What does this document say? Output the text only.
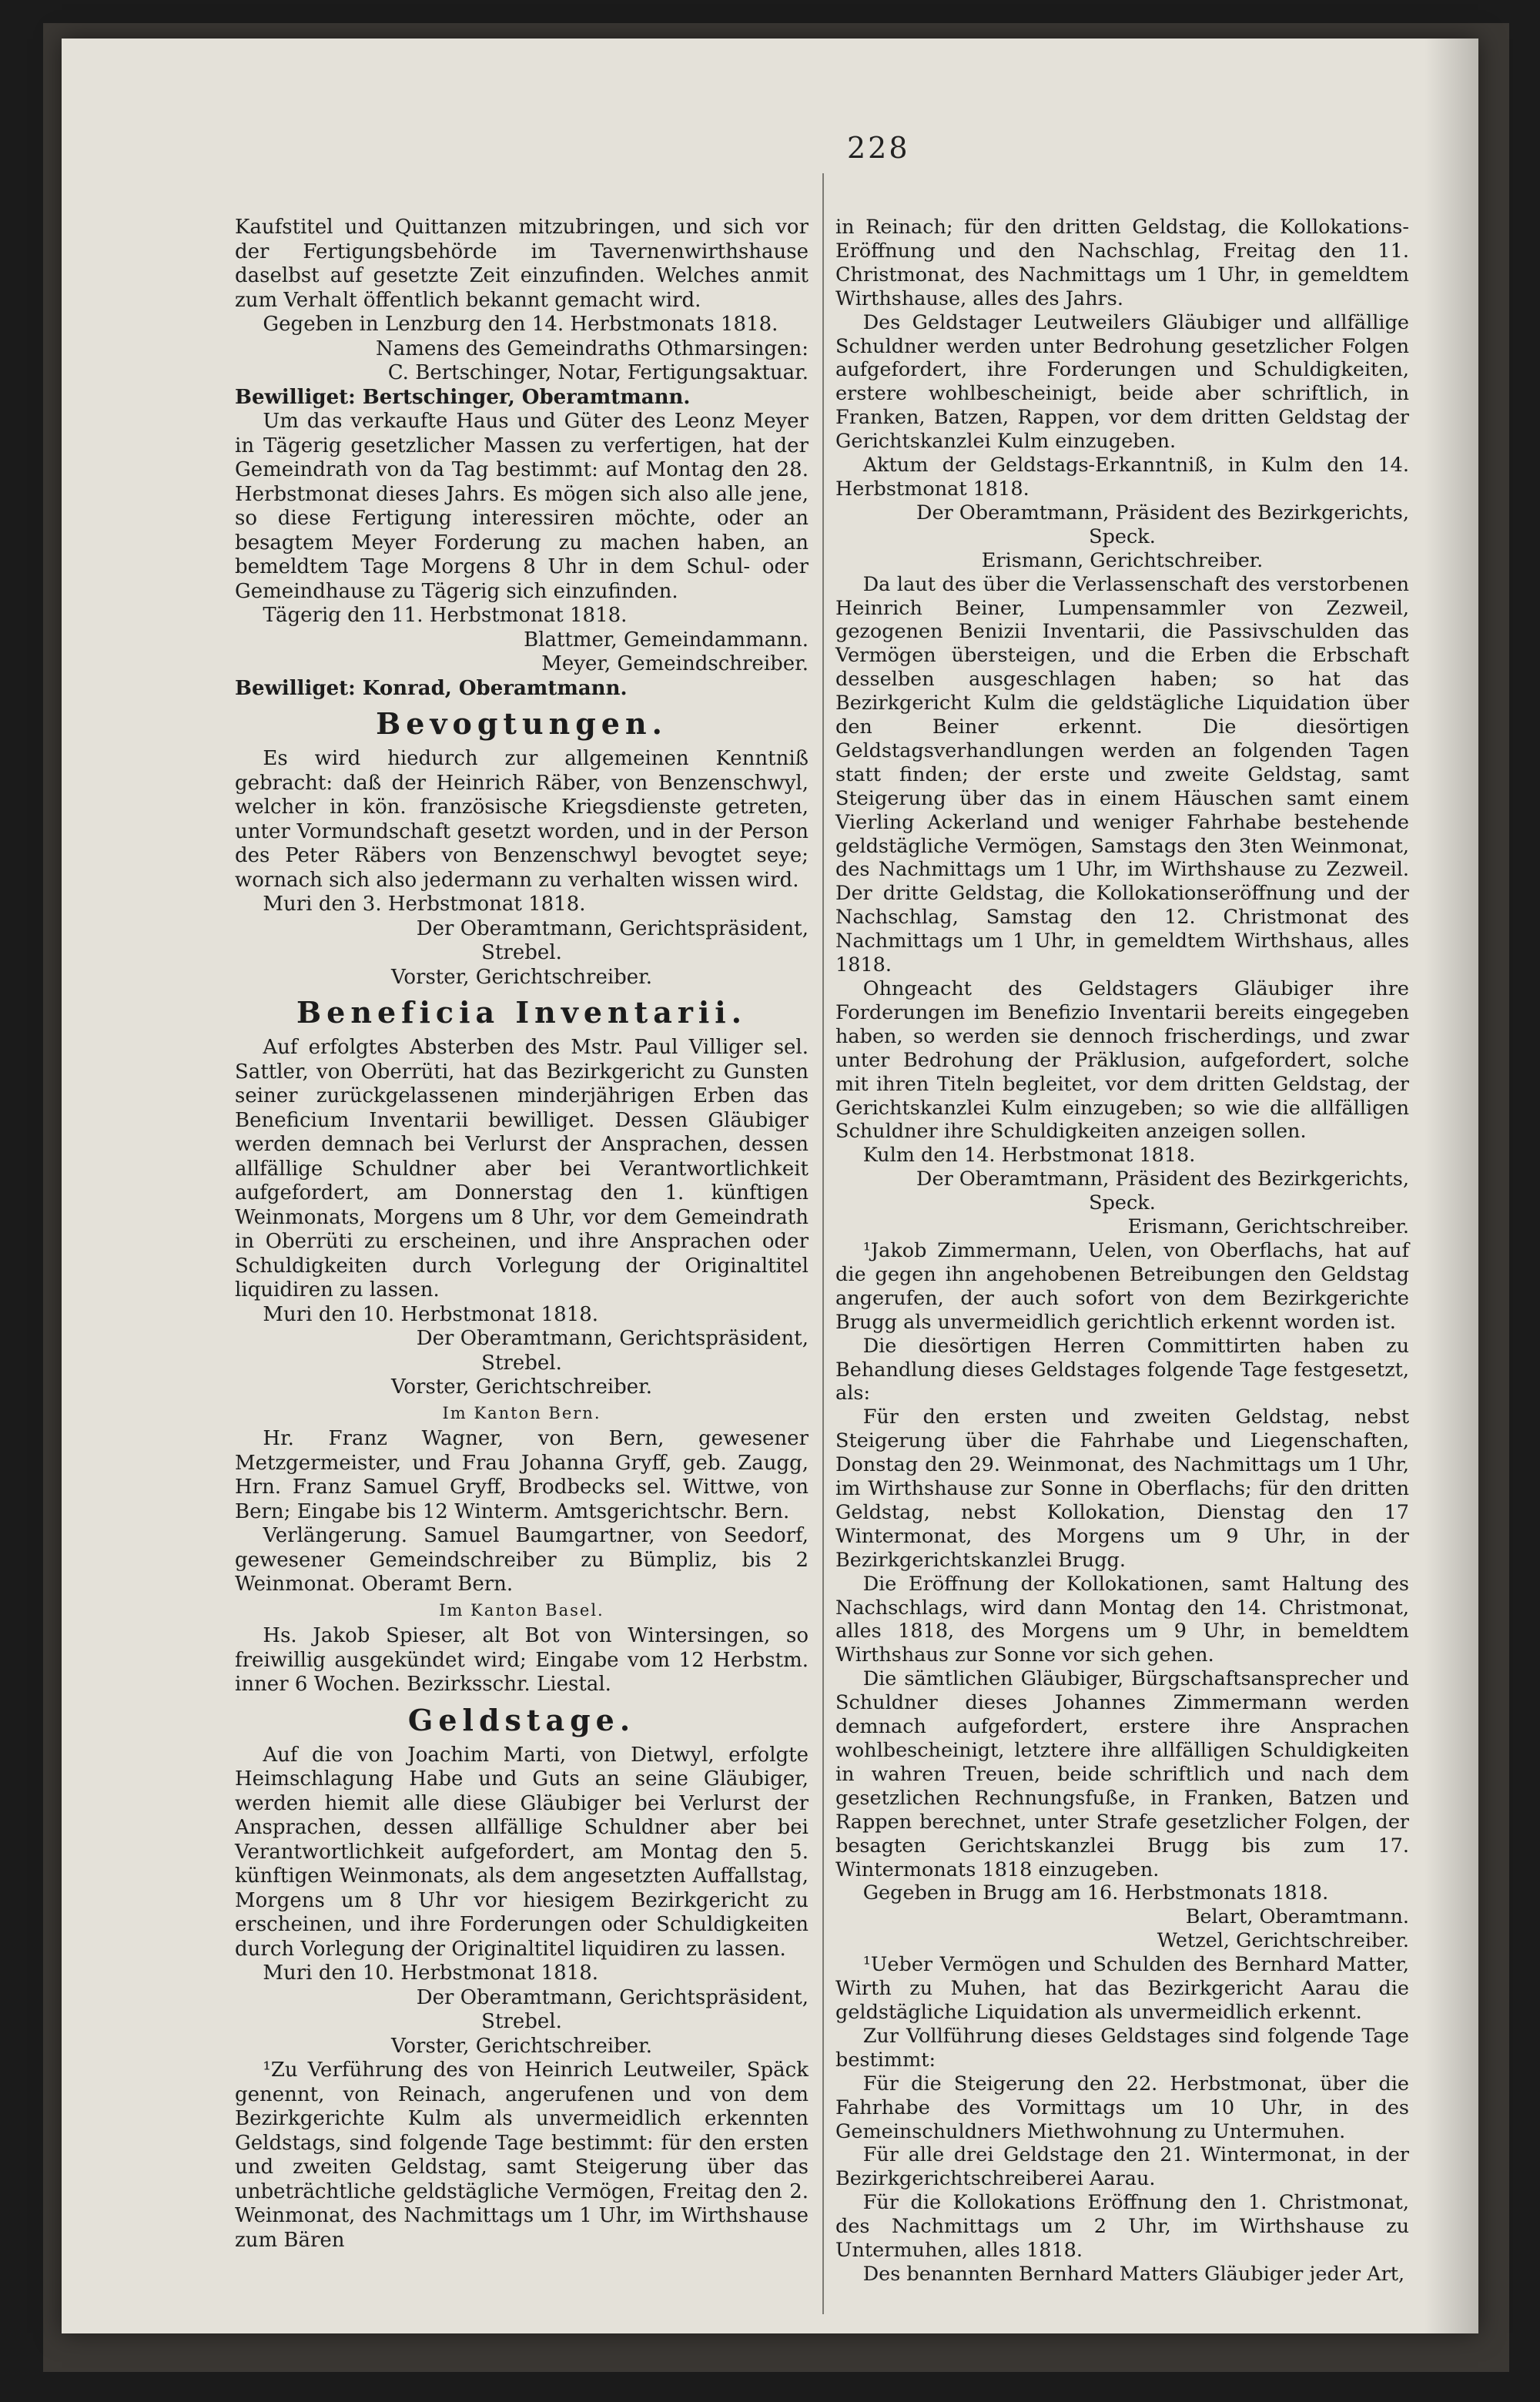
228

Kaufstitel und Quittanzen mitzubringen, und sich vor der Fertigungsbehörde im Tavernenwirthshause daselbst auf gesetzte Zeit einzufinden. Welches anmit zum Verhalt öffentlich bekannt gemacht wird.

Gegeben in Lenzburg den 14. Herbstmonats 1818.

Namens des Gemeindraths Othmarsingen:

C. Bertschinger, Notar, Fertigungsaktuar.

Bewilliget: Bertschinger, Oberamtmann.

Um das verkaufte Haus und Güter des Leonz Meyer in Tägerig gesetzlicher Massen zu verfertigen, hat der Gemeindrath von da Tag bestimmt: auf Montag den 28. Herbstmonat dieses Jahrs. Es mögen sich also alle jene, so diese Fertigung interessiren möchte, oder an besagtem Meyer Forderung zu machen haben, an bemeldtem Tage Morgens 8 Uhr in dem Schul- oder Gemeindhause zu Tägerig sich einzufinden.

Tägerig den 11. Herbstmonat 1818.

Blattmer, Gemeindammann.

Meyer, Gemeindschreiber.

Bewilliget: Konrad, Oberamtmann.

Bevogtungen.

Es wird hiedurch zur allgemeinen Kenntniß gebracht: daß der Heinrich Räber, von Benzenschwyl, welcher in kön. französische Kriegsdienste getreten, unter Vormundschaft gesetzt worden, und in der Person des Peter Räbers von Benzenschwyl bevogtet seye; wornach sich also jedermann zu verhalten wissen wird.

Muri den 3. Herbstmonat 1818.

Der Oberamtmann, Gerichtspräsident,

Strebel.

Vorster, Gerichtschreiber.

Beneficia Inventarii.

Auf erfolgtes Absterben des Mstr. Paul Villiger sel. Sattler, von Oberrüti, hat das Bezirkgericht zu Gunsten seiner zurückgelassenen minderjährigen Erben das Beneficium Inventarii bewilliget. Dessen Gläubiger werden demnach bei Verlurst der Ansprachen, dessen allfällige Schuldner aber bei Verantwortlichkeit aufgefordert, am Donnerstag den 1. künftigen Weinmonats, Morgens um 8 Uhr, vor dem Gemeindrath in Oberrüti zu erscheinen, und ihre Ansprachen oder Schuldigkeiten durch Vorlegung der Originaltitel liquidiren zu lassen.

Muri den 10. Herbstmonat 1818.

Der Oberamtmann, Gerichtspräsident,

Strebel.

Vorster, Gerichtschreiber.

Im Kanton Bern.

Hr. Franz Wagner, von Bern, gewesener Metzgermeister, und Frau Johanna Gryff, geb. Zaugg, Hrn. Franz Samuel Gryff, Brodbecks sel. Wittwe, von Bern; Eingabe bis 12 Winterm. Amtsgerichtschr. Bern.

Verlängerung. Samuel Baumgartner, von Seedorf, gewesener Gemeindschreiber zu Bümpliz, bis 2 Weinmonat. Oberamt Bern.

Im Kanton Basel.

Hs. Jakob Spieser, alt Bot von Wintersingen, so freiwillig ausgekündet wird; Eingabe vom 12 Herbstm. inner 6 Wochen. Bezirksschr. Liestal.

Geldstage.

Auf die von Joachim Marti, von Dietwyl, erfolgte Heimschlagung Habe und Guts an seine Gläubiger, werden hiemit alle diese Gläubiger bei Verlurst der Ansprachen, dessen allfällige Schuldner aber bei Verantwortlichkeit aufgefordert, am Montag den 5. künftigen Weinmonats, als dem angesetzten Auffallstag, Morgens um 8 Uhr vor hiesigem Bezirkgericht zu erscheinen, und ihre Forderungen oder Schuldigkeiten durch Vorlegung der Originaltitel liquidiren zu lassen.

Muri den 10. Herbstmonat 1818.

Der Oberamtmann, Gerichtspräsident,

Strebel.

Vorster, Gerichtschreiber.

¹Zu Verführung des von Heinrich Leutweiler, Späck genennt, von Reinach, angerufenen und von dem Bezirkgerichte Kulm als unvermeidlich erkennten Geldstags, sind folgende Tage bestimmt: für den ersten und zweiten Geldstag, samt Steigerung über das unbeträchtliche geldstägliche Vermögen, Freitag den 2. Weinmonat, des Nachmittags um 1 Uhr, im Wirthshause zum Bären

in Reinach; für den dritten Geldstag, die Kollokations-Eröffnung und den Nachschlag, Freitag den 11. Christmonat, des Nachmittags um 1 Uhr, in gemeldtem Wirthshause, alles des Jahrs.

Des Geldstager Leutweilers Gläubiger und allfällige Schuldner werden unter Bedrohung gesetzlicher Folgen aufgefordert, ihre Forderungen und Schuldigkeiten, erstere wohlbescheinigt, beide aber schriftlich, in Franken, Batzen, Rappen, vor dem dritten Geldstag der Gerichtskanzlei Kulm einzugeben.

Aktum der Geldstags-Erkanntniß, in Kulm den 14. Herbstmonat 1818.

Der Oberamtmann, Präsident des Bezirkgerichts,

Speck.

Erismann, Gerichtschreiber.

Da laut des über die Verlassenschaft des verstorbenen Heinrich Beiner, Lumpensammler von Zezweil, gezogenen Benizii Inventarii, die Passivschulden das Vermögen übersteigen, und die Erben die Erbschaft desselben ausgeschlagen haben; so hat das Bezirkgericht Kulm die geldstägliche Liquidation über den Beiner erkennt. Die diesörtigen Geldstagsverhandlungen werden an folgenden Tagen statt finden; der erste und zweite Geldstag, samt Steigerung über das in einem Häuschen samt einem Vierling Ackerland und weniger Fahrhabe bestehende geldstägliche Vermögen, Samstags den 3ten Weinmonat, des Nachmittags um 1 Uhr, im Wirthshause zu Zezweil. Der dritte Geldstag, die Kollokationseröffnung und der Nachschlag, Samstag den 12. Christmonat des Nachmittags um 1 Uhr, in gemeldtem Wirthshaus, alles 1818.

Ohngeacht des Geldstagers Gläubiger ihre Forderungen im Benefizio Inventarii bereits eingegeben haben, so werden sie dennoch frischerdings, und zwar unter Bedrohung der Präklusion, aufgefordert, solche mit ihren Titeln begleitet, vor dem dritten Geldstag, der Gerichtskanzlei Kulm einzugeben; so wie die allfälligen Schuldner ihre Schuldigkeiten anzeigen sollen.

Kulm den 14. Herbstmonat 1818.

Der Oberamtmann, Präsident des Bezirkgerichts,

Speck.

Erismann, Gerichtschreiber.

¹Jakob Zimmermann, Uelen, von Oberflachs, hat auf die gegen ihn angehobenen Betreibungen den Geldstag angerufen, der auch sofort von dem Bezirkgerichte Brugg als unvermeidlich gerichtlich erkennt worden ist.

Die diesörtigen Herren Committirten haben zu Behandlung dieses Geldstages folgende Tage festgesetzt, als:

Für den ersten und zweiten Geldstag, nebst Steigerung über die Fahrhabe und Liegenschaften, Donstag den 29. Weinmonat, des Nachmittags um 1 Uhr, im Wirthshause zur Sonne in Oberflachs; für den dritten Geldstag, nebst Kollokation, Dienstag den 17 Wintermonat, des Morgens um 9 Uhr, in der Bezirkgerichtskanzlei Brugg.

Die Eröffnung der Kollokationen, samt Haltung des Nachschlags, wird dann Montag den 14. Christmonat, alles 1818, des Morgens um 9 Uhr, in bemeldtem Wirthshaus zur Sonne vor sich gehen.

Die sämtlichen Gläubiger, Bürgschaftsansprecher und Schuldner dieses Johannes Zimmermann werden demnach aufgefordert, erstere ihre Ansprachen wohlbescheinigt, letztere ihre allfälligen Schuldigkeiten in wahren Treuen, beide schriftlich und nach dem gesetzlichen Rechnungsfuße, in Franken, Batzen und Rappen berechnet, unter Strafe gesetzlicher Folgen, der besagten Gerichtskanzlei Brugg bis zum 17. Wintermonats 1818 einzugeben.

Gegeben in Brugg am 16. Herbstmonats 1818.

Belart, Oberamtmann.

Wetzel, Gerichtschreiber.

¹Ueber Vermögen und Schulden des Bernhard Matter, Wirth zu Muhen, hat das Bezirkgericht Aarau die geldstägliche Liquidation als unvermeidlich erkennt.

Zur Vollführung dieses Geldstages sind folgende Tage bestimmt:

Für die Steigerung den 22. Herbstmonat, über die Fahrhabe des Vormittags um 10 Uhr, in des Gemeinschuldners Miethwohnung zu Untermuhen.

Für alle drei Geldstage den 21. Wintermonat, in der Bezirkgerichtschreiberei Aarau.

Für die Kollokations Eröffnung den 1. Christmonat, des Nachmittags um 2 Uhr, im Wirthshause zu Untermuhen, alles 1818.

Des benannten Bernhard Matters Gläubiger jeder Art,
